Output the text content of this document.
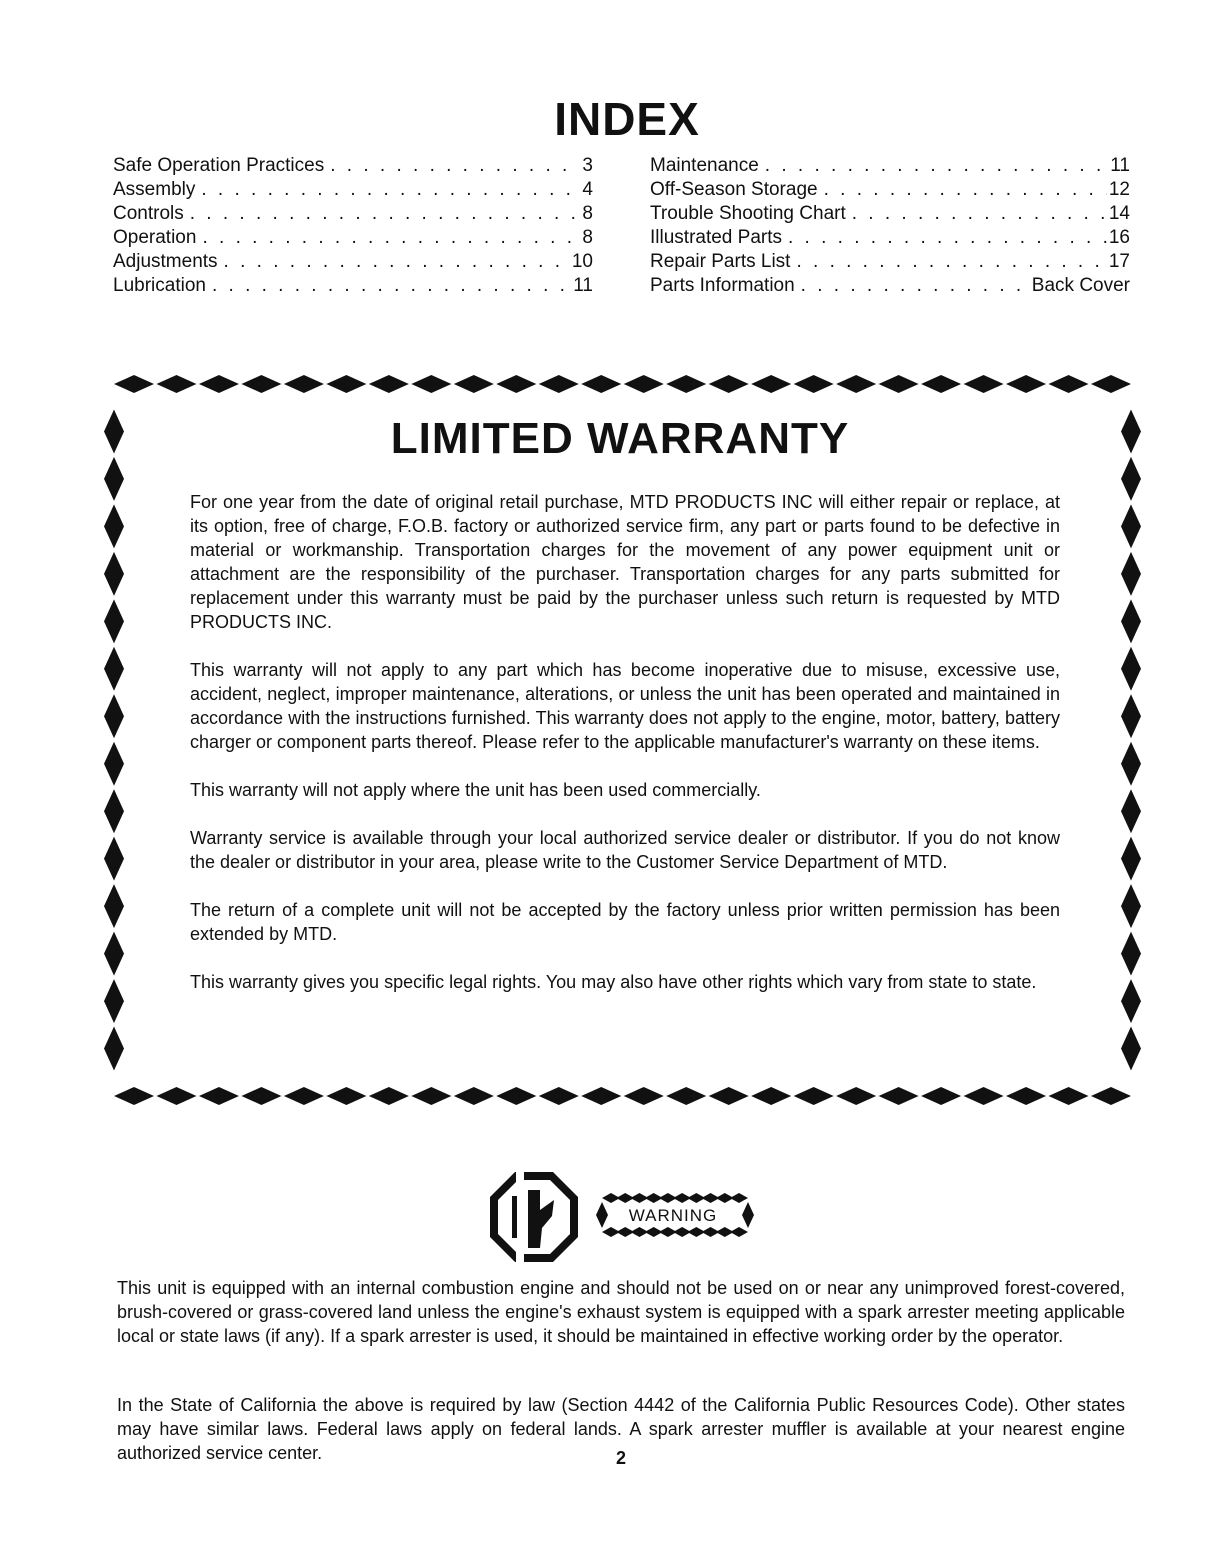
INDEX
Safe Operation Practices . . .	3
Assembly . . .	4
Controls . . .	8
Operation . . .	8
Adjustments . . .	10
Lubrication . . .	11
Maintenance . . .	11
Off-Season Storage . . .	12
Trouble Shooting Chart . . .	14
Illustrated Parts . . .	16
Repair Parts List . . .	17
Parts Information . . .	Back Cover
LIMITED WARRANTY

For one year from the date of original retail purchase, MTD PRODUCTS INC will either repair or replace, at its option, free of charge, F.O.B. factory or authorized service firm, any part or parts found to be defective in material or workmanship. Transportation charges for the movement of any power equipment unit or attachment are the responsibility of the purchaser. Transportation charges for any parts submitted for replacement under this warranty must be paid by the purchaser unless such return is requested by MTD PRODUCTS INC.

This warranty will not apply to any part which has become inoperative due to misuse, excessive use, accident, neglect, improper maintenance, alterations, or unless the unit has been operated and maintained in accordance with the instructions furnished. This warranty does not apply to the engine, motor, battery, battery charger or component parts thereof. Please refer to the applicable manufacturer's warranty on these items.

This warranty will not apply where the unit has been used commercially.

Warranty service is available through your local authorized service dealer or distributor. If you do not know the dealer or distributor in your area, please write to the Customer Service Department of MTD.

The return of a complete unit will not be accepted by the factory unless prior written permission has been extended by MTD.

This warranty gives you specific legal rights. You may also have other rights which vary from state to state.

WARNING

This unit is equipped with an internal combustion engine and should not be used on or near any unimproved forest-covered, brush-covered or grass-covered land unless the engine's exhaust system is equipped with a spark arrester meeting applicable local or state laws (if any). If a spark arrester is used, it should be maintained in effective working order by the operator.

In the State of California the above is required by law (Section 4442 of the California Public Resources Code). Other states may have similar laws. Federal laws apply on federal lands. A spark arrester muffler is available at your nearest engine authorized service center.	2
